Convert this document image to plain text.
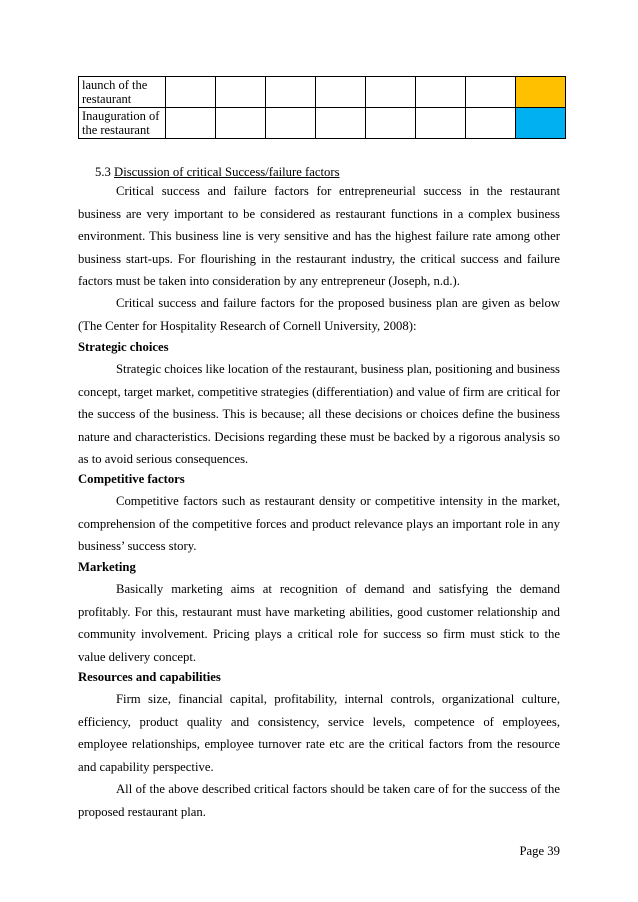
launch of the restaurant								
Inauguration of the restaurant								
5.3 Discussion of critical Success/failure factors

Critical success and failure factors for entrepreneurial success in the restaurant business are very important to be considered as restaurant functions in a complex business environment. This business line is very sensitive and has the highest failure rate among other business start-ups. For flourishing in the restaurant industry, the critical success and failure factors must be taken into consideration by any entrepreneur (Joseph, n.d.).

Critical success and failure factors for the proposed business plan are given as below (The Center for Hospitality Research of Cornell University, 2008):

Strategic choices

Strategic choices like location of the restaurant, business plan, positioning and business concept, target market, competitive strategies (differentiation) and value of firm are critical for the success of the business. This is because; all these decisions or choices define the business nature and characteristics. Decisions regarding these must be backed by a rigorous analysis so as to avoid serious consequences.

Competitive factors

Competitive factors such as restaurant density or competitive intensity in the market, comprehension of the competitive forces and product relevance plays an important role in any business’ success story.

Marketing

Basically marketing aims at recognition of demand and satisfying the demand profitably. For this, restaurant must have marketing abilities, good customer relationship and community involvement. Pricing plays a critical role for success so firm must stick to the value delivery concept.

Resources and capabilities

Firm size, financial capital, profitability, internal controls, organizational culture, efficiency, product quality and consistency, service levels, competence of employees, employee relationships, employee turnover rate etc are the critical factors from the resource and capability perspective.

All of the above described critical factors should be taken care of for the success of the proposed restaurant plan.

Page 39
